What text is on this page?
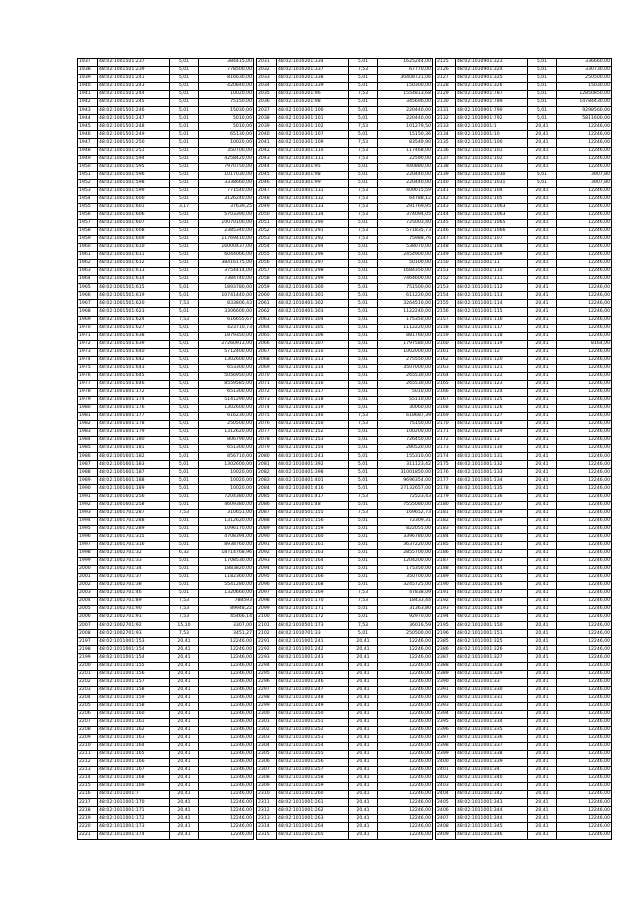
1937	48:02:1001501:237	5,01	384415,00
1938	48:02:1001501:239	5,01	778500,00
1939	48:02:1001501:241	5,01	816630,00
1940	48:02:1001501:243	5,01	420840,00
1941	48:02:1001501:244	5,01	10020,00
1942	48:02:1001501:245	5,01	75150,00
1943	48:02:1001501:246	5,01	15030,00
1944	48:02:1001501:247	5,01	5010,00
1945	48:02:1001501:248	5,01	5010,00
1946	48:02:1001501:249	5,01	65130,00
1947	48:02:1001501:250	5,01	10020,00
1948	48:02:1001501:251	5,01	350700,00
1949	48:02:1001501:594	5,01	4258420,00
1950	48:02:1001501:595	5,01	7970750,00
1951	48:02:1001501:596	5,01	1017030,00
1952	48:02:1001501:598	5,01	3338660,00
1953	48:02:1001501:599	5,01	771540,00
1954	48:02:1001501:600	5,01	3126240,00
1955	48:02:1001501:601	3,17	37639,25
1956	48:02:1001501:606	5,01	5703390,00
1957	48:02:1001501:607	5,01	10070100,00
1958	48:02:1001501:608	5,01	2385340,00
1959	48:02:1001501:609	5,01	11769410,00
1960	48:02:1001501:610	5,01	16000437,00
1961	48:02:1001501:611	5,01	6044066,00
1962	48:02:1001501:612	5,01	38416175,00
1963	48:02:1001501:613	5,01	3754414,00
1964	48:02:1001501:614	5,01	7384740,00
1965	48:02:1001501:615	5,01	1893780,00
1966	48:02:1001501:619	5,01	10741440,00
1967	48:02:1001501:620	7,53	833806,43
1968	48:02:1001501:623	5,01	3306600,00
1969	48:02:1001501:624	7,53	616655,67
1970	48:02:1001501:627	5,01	423710,73
1971	48:02:1001501:638	5,01	1879350,00
1972	48:02:1001501:639	5,01	27260913,00
1973	48:02:1001501:640	5,01	5712400,00
1974	48:02:1001501:642	5,01	1302600,00
1975	48:02:1001501:643	5,01	653300,00
1976	48:02:1001501:645	5,01	5056950,00
1977	48:02:1001501:646	5,01	8559585,00
1978	48:02:1001601:172	5,01	651300,00
1979	48:02:1001601:174	5,01	5141290,00
1980	48:02:1001601:176	5,01	1302600,00
1981	48:02:1001601:177	5,01	616230,00
1982	48:02:1001601:178	5,01	250500,00
1983	48:02:1001601:179	5,01	1312620,00
1984	48:02:1001601:180	5,01	806790,00
1985	48:02:1001601:181	5,01	651300,00
1986	48:02:1001601:182	5,01	856710,00
1987	48:02:1001601:183	5,01	1302600,00
1988	48:02:1001601:187	5,01	10020,00
1989	48:02:1001601:188	5,01	10020,00
1990	48:02:1001601:189	5,01	10020,00
1991	48:02:1001601:256	5,01	7204380,00
1992	48:02:1001601:258	5,01	4609380,00
1993	48:02:1001701:287	7,53	310651,00
1994	48:02:1001701:288	5,01	1312620,00
1995	48:02:1001701:289	5,01	1096170,00
1996	48:02:1001701:315	5,01	4708394,00
1997	48:02:1001701:316	5,01	8938760,00
1998	48:02:1002701:32	6,32	18714768,96
1999	48:02:1002701:33	5,01	1708530,00
2000	48:02:1002701:34	5,01	1883820,00
2001	48:02:1002701:37	5,01	1182360,00
2002	48:02:1002701:38	5,01	5541280,00
2003	48:02:1002701:46	5,01	1320660,00
2004	48:02:1002701:89	7,53	788593
2005	48:02:1002701:90	7,53	89948,22
2006	48:02:1002701:91	7,53	45466,14
2007	48:02:1002701:92	15,10	3307,00
2008	48:02:1002701:93	7,53	3451,27
2197	48:02:1011001:153	20,41	12246,00
2198	48:02:1011001:154	20,41	12246,00
2199	48:02:1011001:154	20,41	12246,00
2200	48:02:1011001:155	20,41	12246,00
2201	48:02:1011001:156	20,41	12246,00
2202	48:02:1011001:157	20,41	12246,00
2203	48:02:1011001:158	20,41	12246,00
2204	48:02:1011001:159	20,41	12246,00
2205	48:02:1011001:158	20,41	12246,00
2206	48:02:1011001:160	20,41	12246,00
2207	48:02:1011001:161	20,41	12246,00
2208	48:02:1011001:162	20,41	12246,00
2209	48:02:1011001:163	20,41	12246,00
2210	48:02:1011001:164	20,41	12246,00
2211	48:02:1011001:165	20,41	12246,00
2212	48:02:1011001:166	20,41	12246,00
2213	48:02:1011001:167	20,41	12246,00
2214	48:02:1011001:168	20,41	12246,00
2215	48:02:1011001:169	20,41	12246,00
2216	48:02:1011001:7	20,41	12246,00
2217	48:02:1011001:170	20,41	12246,00
2218	48:02:1011001:171	20,41	12246,00
2219	48:02:1011001:172	20,41	12246,00
2220	48:02:1011001:173	20,41	12246,00
2221	48:02:1011001:174	20,41	12246,00
2031	48:02:1010201:334	5,01	1625244,00
2032	48:02:1010201:337	7,53	67770,00
2033	48:02:1010201:338	5,01	30408721,06
2034	48:02:1010201:339	5,01	150300,00
2035	48:02:1010201:96	7,53	1554813,68
2036	48:02:1010201:98	5,01	345690,00
2037	48:02:1010301:100	5,01	220440,00
2038	48:02:1010301:101	5,01	220440,00
2039	48:02:1010301:102	7,53	101279,50
2040	48:02:1010301:107	5,01	15150,36
2041	48:02:1010301:109	7,53	83549,90
2042	48:02:1010301:110	7,53	117468,00
2043	48:02:1010301:111	7,53	22590,00
2044	48:02:1010301:95	5,01	440880,00
2045	48:02:1010301:98	5,01	220440,00
2046	48:02:1010301:99	5,01	220440,00
2047	48:02:1010401:131	7,53	409015,59
2048	48:02:1010401:132	7,53	64788,12
2049	48:02:1010401:133	7,53	291769,95
2050	48:02:1010401:134	7,53	374094,05
2051	48:02:1010401:290	5,01	725003,40
2052	48:02:1010401:291	7,53	571835,73
2053	48:02:1010401:292	7,53	75988,76
2054	48:02:1010401:294	5,01	538070,00
2055	48:02:1010401:296	5,01	2454900,00
2056	48:02:1010401:297	5,01	50100,00
2057	48:02:1010401:298	5,01	1684350,00
2058	48:02:1010401:299	5,01	7464600,00
2059	48:02:1010401:300	5,01	751500,00
2060	48:02:1010401:301	5,01	611220,00
2061	48:02:1010401:302	5,01	3264510,00
2062	48:02:1010401:303	5,01	1122240,00
2063	48:02:1010401:304	5,01	175350,00
2064	48:02:1010401:305	5,01	1112220,00
2065	48:02:1010401:306	5,01	881760,00
2066	48:02:1010401:307	5,01	1797580,00
2067	48:02:1010401:310	5,01	1002000,00
2068	48:02:1010401:313	5,01	275550,00
2069	48:02:1010401:314	5,01	3507000,00
2070	48:02:1010401:315	5,01	265530,00
2071	48:02:1010401:316	5,01	265530,00
2072	48:02:1010401:317	5,01	5010,00
2073	48:02:1010401:318	5,01	55110,00
2074	48:02:1010401:319	5,01	30060,00
2075	48:02:1010401:140	7,53	618687,39
2076	48:02:1010401:150	7,53	75150,00
2077	48:02:1010401:152	5,01	100200,00
2078	48:02:1010401:153	5,01	726450,00
2079	48:02:1010401:154	5,01	280520,00
2080	48:02:1010401:243	5,01	155310,00
2081	48:02:1010401:392	5,01	311123,42
2082	48:02:1010401:398	5,01	31001850,00
2083	48:02:1010401:401	5,01	9696354,00
2084	48:02:1010401:416	5,01	27132657,00
2085	48:02:1010401:417	7,53	72523,43
2086	48:02:1010401:48	5,01	7555080,00
2087	48:02:1010501:155	7,53	169652,73
2088	48:02:1010501:156	5,01	72309,31
2089	48:02:1010501:159	5,01	822055,00
2090	48:02:1010501:160	5,01	3396780,00
2091	48:02:1010501:161	5,01	3637220,00
2092	48:02:1010501:163	5,01	2855700,00
2093	48:02:1010501:164	5,01	1204200,00
2094	48:02:1010501:165	5,01	175350,00
2095	48:02:1010501:166	5,01	350700,00
2096	48:02:1010501:168	5,01	3245725,00
2097	48:02:1010501:169	7,53	47838,09
2098	48:02:1010501:170	7,53	18433,44
2099	48:02:1010501:171	5,01	31363,80
2100	48:02:1010501:172	5,01	92970,00
2101	48:02:1010501:173	7,53	36016,59
2102	48:02:1010701:33	5,01	250500,00
2291	48:02:1011001:241	20,41	12246,00
2292	48:02:1011001:242	20,41	12246,00
2293	48:02:1011001:243	20,41	12246,00
2294	48:02:1011001:244	20,41	12246,00
2295	48:02:1011001:245	20,41	12246,00
2296	48:02:1011001:246	20,41	12246,00
2297	48:02:1011001:247	20,41	12246,00
2298	48:02:1011001:248	20,41	12246,00
2299	48:02:1011001:249	20,41	12246,00
2300	48:02:1011001:250	20,41	12246,00
2301	48:02:1011001:251	20,41	12246,00
2302	48:02:1011001:252	20,41	12246,00
2303	48:02:1011001:253	20,41	12246,00
2304	48:02:1011001:254	20,41	12246,00
2305	48:02:1011001:255	20,41	12246,00
2306	48:02:1011001:256	20,41	12246,00
2307	48:02:1011001:257	20,41	12246,00
2308	48:02:1011001:258	20,41	12246,00
2309	48:02:1011001:259	20,41	12246,00
2310	48:02:1011001:260	20,41	12246,00
2311	48:02:1011001:261	20,41	12246,00
2312	48:02:1011001:262	20,41	12246,00
2313	48:02:1011001:263	20,41	12246,00
2314	48:02:1011001:264	20,41	12246,00
2315	48:02:1011001:265	20,41	12246,00
2125	48:02:1010901:323	5,01	336660,00
2126	48:02:1010901:324	5,01	330730,00
2127	48:02:1010901:325	5,01	250500,00
2128	48:02:1010901:326	5,01	15030,00
2129	48:02:1010901:787	5,01	12850850,00
2130	48:02:1010901:789	5,01	14784430,00
2131	48:02:1010901:790	5,01	9298560,00
2132	48:02:1010901:792	5,01	5811600,00
2133	48:02:1011001:1	20,41	12246,00
2134	48:02:1011001:10	20,41	12246,00
2135	48:02:1011001:100	20,41	12246,00
2136	48:02:1011001:101	20,41	12246,00
2137	48:02:1011001:102	20,41	12246,00
2138	48:02:1011001:103	20,41	12246,00
2139	48:02:1011001:1030	5,01	3907,80
2140	48:02:1011001:1031	5,01	3907,80
2141	48:02:1011001:104	20,41	12246,00
2142	48:02:1011001:105	20,41	12246,00
2143	48:02:1011001:1063	20,41	12246,00
2144	48:02:1011001:1063	20,41	12246,00
2145	48:02:1011001:1065	20,41	12246,00
2146	48:02:1011001:1066	20,41	12246,00
2147	48:02:1011001:107	20,41	12246,00
2148	48:02:1011001:108	20,41	12246,00
2149	48:02:1011001:109	20,41	12246,00
2150	48:02:1011001:11	20,41	12246,00
2151	48:02:1011001:110	20,41	12246,00
2152	48:02:1011001:111	20,41	12246,00
2153	48:02:1011001:112	20,41	12246,00
2154	48:02:1011001:113	20,41	12246,00
2155	48:02:1011001:114	20,41	12246,00
2156	48:02:1011001:115	20,41	12246,00
2157	48:02:1011001:116	20,41	12246,00
2158	48:02:1011001:117	20,41	12246,00
2159	48:02:1011001:118	20,41	12246,00
2160	48:02:1011001:119	20,41	8164,00
2161	48:02:1011001:12	20,41	12246,00
2162	48:02:1011001:120	20,41	12246,00
2163	48:02:1011001:121	20,41	12246,00
2164	48:02:1011001:122	20,41	12246,00
2165	48:02:1011001:123	20,41	12246,00
2166	48:02:1011001:124	20,41	12246,00
2167	48:02:1011001:125	20,41	12246,00
2168	48:02:1011001:126	20,41	12246,00
2169	48:02:1011001:127	20,41	12246,00
2170	48:02:1011001:128	20,41	12246,00
2171	48:02:1011001:129	20,41	12246,00
2172	48:02:1011001:13	20,41	12246,00
2173	48:02:1011001:130	20,41	12246,00
2174	48:02:1011001:131	20,41	12246,00
2175	48:02:1011001:132	20,41	12246,00
2176	48:02:1011001:133	20,41	12246,00
2177	48:02:1011001:134	20,41	12246,00
2178	48:02:1011001:135	20,41	12246,00
2179	48:02:1011001:136	20,41	12246,00
2180	48:02:1011001:137	20,41	12246,00
2181	48:02:1011001:139	20,41	12246,00
2182	48:02:1011001:139	20,41	12246,00
2183	48:02:1011001:14	20,41	12246,00
2184	48:02:1011001:140	20,41	12246,00
2185	48:02:1011001:141	20,41	12246,00
2186	48:02:1011001:142	20,41	12246,00
2187	48:02:1011001:143	20,41	12246,00
2188	48:02:1011001:144	20,41	12246,00
2189	48:02:1011001:145	20,41	12246,00
2190	48:02:1011001:146	20,41	12246,00
2191	48:02:1011001:147	20,41	12246,00
2192	48:02:1011001:148	20,41	12246,00
2193	48:02:1011001:149	20,41	12246,00
2194	48:02:1011001:15	20,41	12246,00
2195	48:02:1011001:150	20,41	12246,00
2196	48:02:1011001:151	20,41	12246,00
2385	48:02:1011001:325	20,41	12246,00
2386	48:02:1011001:326	20,41	12246,00
2387	48:02:1011001:327	20,41	12246,00
2388	48:02:1011001:328	20,41	12246,00
2389	48:02:1011001:329	20,41	12246,00
2390	48:02:1011001:33	20,41	12246,00
2391	48:02:1011001:330	20,41	12246,00
2392	48:02:1011001:331	20,41	12246,00
2393	48:02:1011001:332	20,41	12246,00
2394	48:02:1011001:333	20,41	12246,00
2395	48:02:1011001:334	20,41	12246,00
2396	48:02:1011001:335	20,41	12246,00
2397	48:02:1011001:336	20,41	12246,00
2398	48:02:1011001:337	20,41	12246,00
2399	48:02:1011001:338	20,41	12246,00
2400	48:02:1011001:339	20,41	12246,00
2401	48:02:1011001:34	20,41	12246,00
2402	48:02:1011001:340	20,41	12246,00
2403	48:02:1011001:341	20,41	12246,00
2404	48:02:1011001:342	20,41	12246,00
2405	48:02:1011001:343	20,41	12246,00
2406	48:02:1011001:344	20,41	12246,00
2407	48:02:1011001:344	20,41	12246,00
2408	48:02:1011001:345	20,41	12246,00
2409	48:02:1011001:346	20,41	12246,00
